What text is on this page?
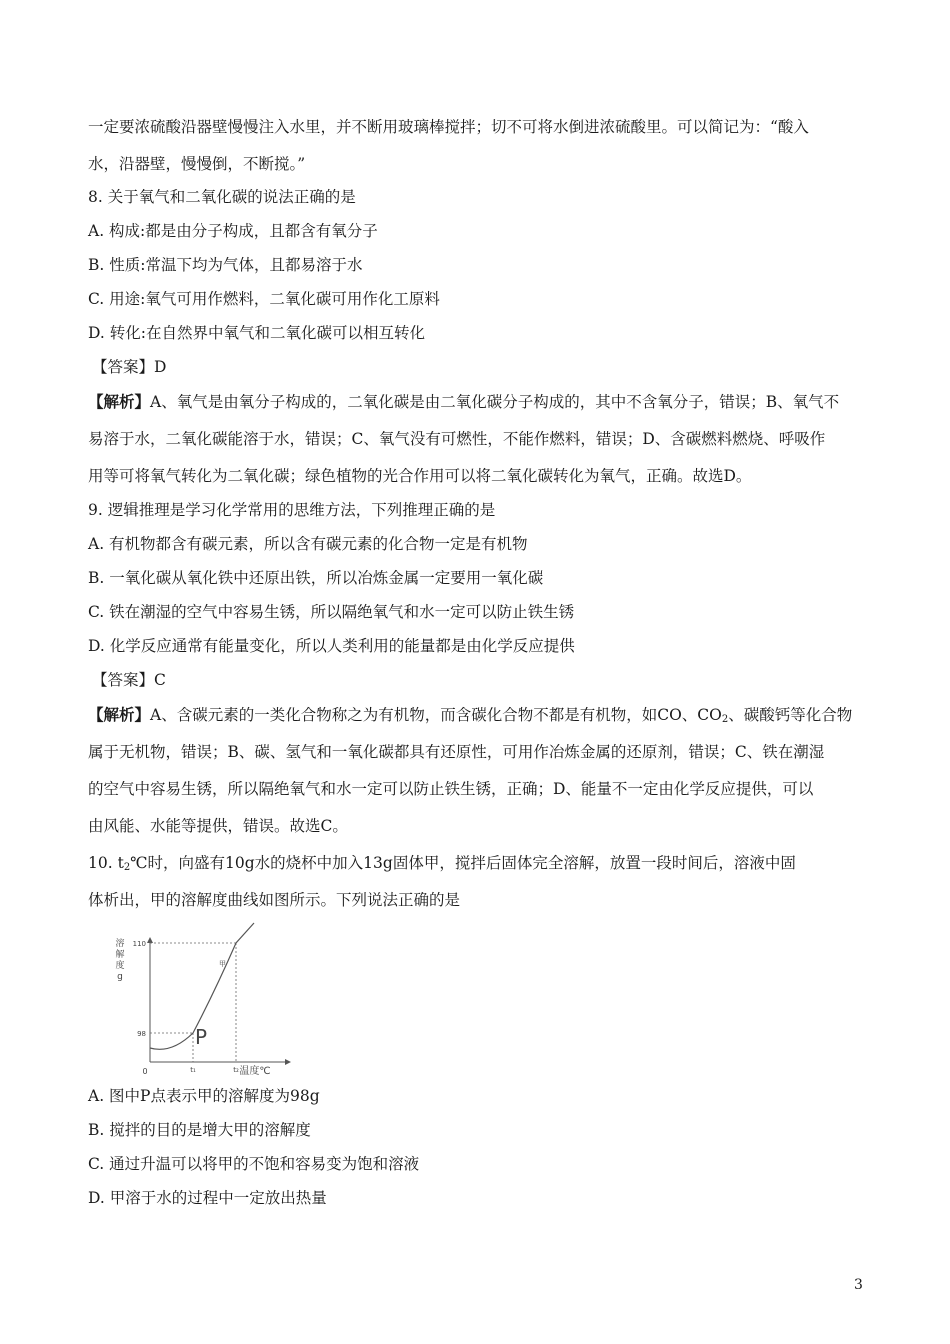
一定要浓硫酸沿器壁慢慢注入水里，并不断用玻璃棒搅拌；切不可将水倒进浓硫酸里。可以简记为：“酸入
水，沿器壁，慢慢倒，不断搅。”
8. 关于氧气和二氧化碳的说法正确的是
A. 构成:都是由分子构成，且都含有氧分子
B. 性质:常温下均为气体，且都易溶于水
C. 用途:氧气可用作燃料，二氧化碳可用作化工原料
D. 转化:在自然界中氧气和二氧化碳可以相互转化
【答案】D
【解析】A、氧气是由氧分子构成的，二氧化碳是由二氧化碳分子构成的，其中不含氧分子，错误；B、氧气不
易溶于水，二氧化碳能溶于水，错误；C、氧气没有可燃性，不能作燃料，错误；D、含碳燃料燃烧、呼吸作
用等可将氧气转化为二氧化碳；绿色植物的光合作用可以将二氧化碳转化为氧气，正确。故选D。
9. 逻辑推理是学习化学常用的思维方法，下列推理正确的是
A. 有机物都含有碳元素，所以含有碳元素的化合物一定是有机物
B. 一氧化碳从氧化铁中还原出铁，所以冶炼金属一定要用一氧化碳
C. 铁在潮湿的空气中容易生锈，所以隔绝氧气和水一定可以防止铁生锈
D. 化学反应通常有能量变化，所以人类利用的能量都是由化学反应提供
【答案】C
【解析】A、含碳元素的一类化合物称之为有机物，而含碳化合物不都是有机物，如CO、$CO_2$、碳酸钙等化合物
属于无机物，错误；B、碳、氢气和一氧化碳都具有还原性，可用作冶炼金属的还原剂，错误；C、铁在潮湿
的空气中容易生锈，所以隔绝氧气和水一定可以防止铁生锈，正确；D、能量不一定由化学反应提供，可以
由风能、水能等提供，错误。故选C。
10. $t_2℃$时，向盛有10g水的烧杯中加入13g固体甲，搅拌后固体完全溶解，放置一段时间后，溶液中固
体析出，甲的溶解度曲线如图所示。下列说法正确的是
溶
解
度
g
0	温度℃
98
110
t₁	t₂
甲
P
A. 图中P点表示甲的溶解度为98g
B. 搅拌的目的是增大甲的溶解度
C. 通过升温可以将甲的不饱和容易变为饱和溶液
D. 甲溶于水的过程中一定放出热量
3
